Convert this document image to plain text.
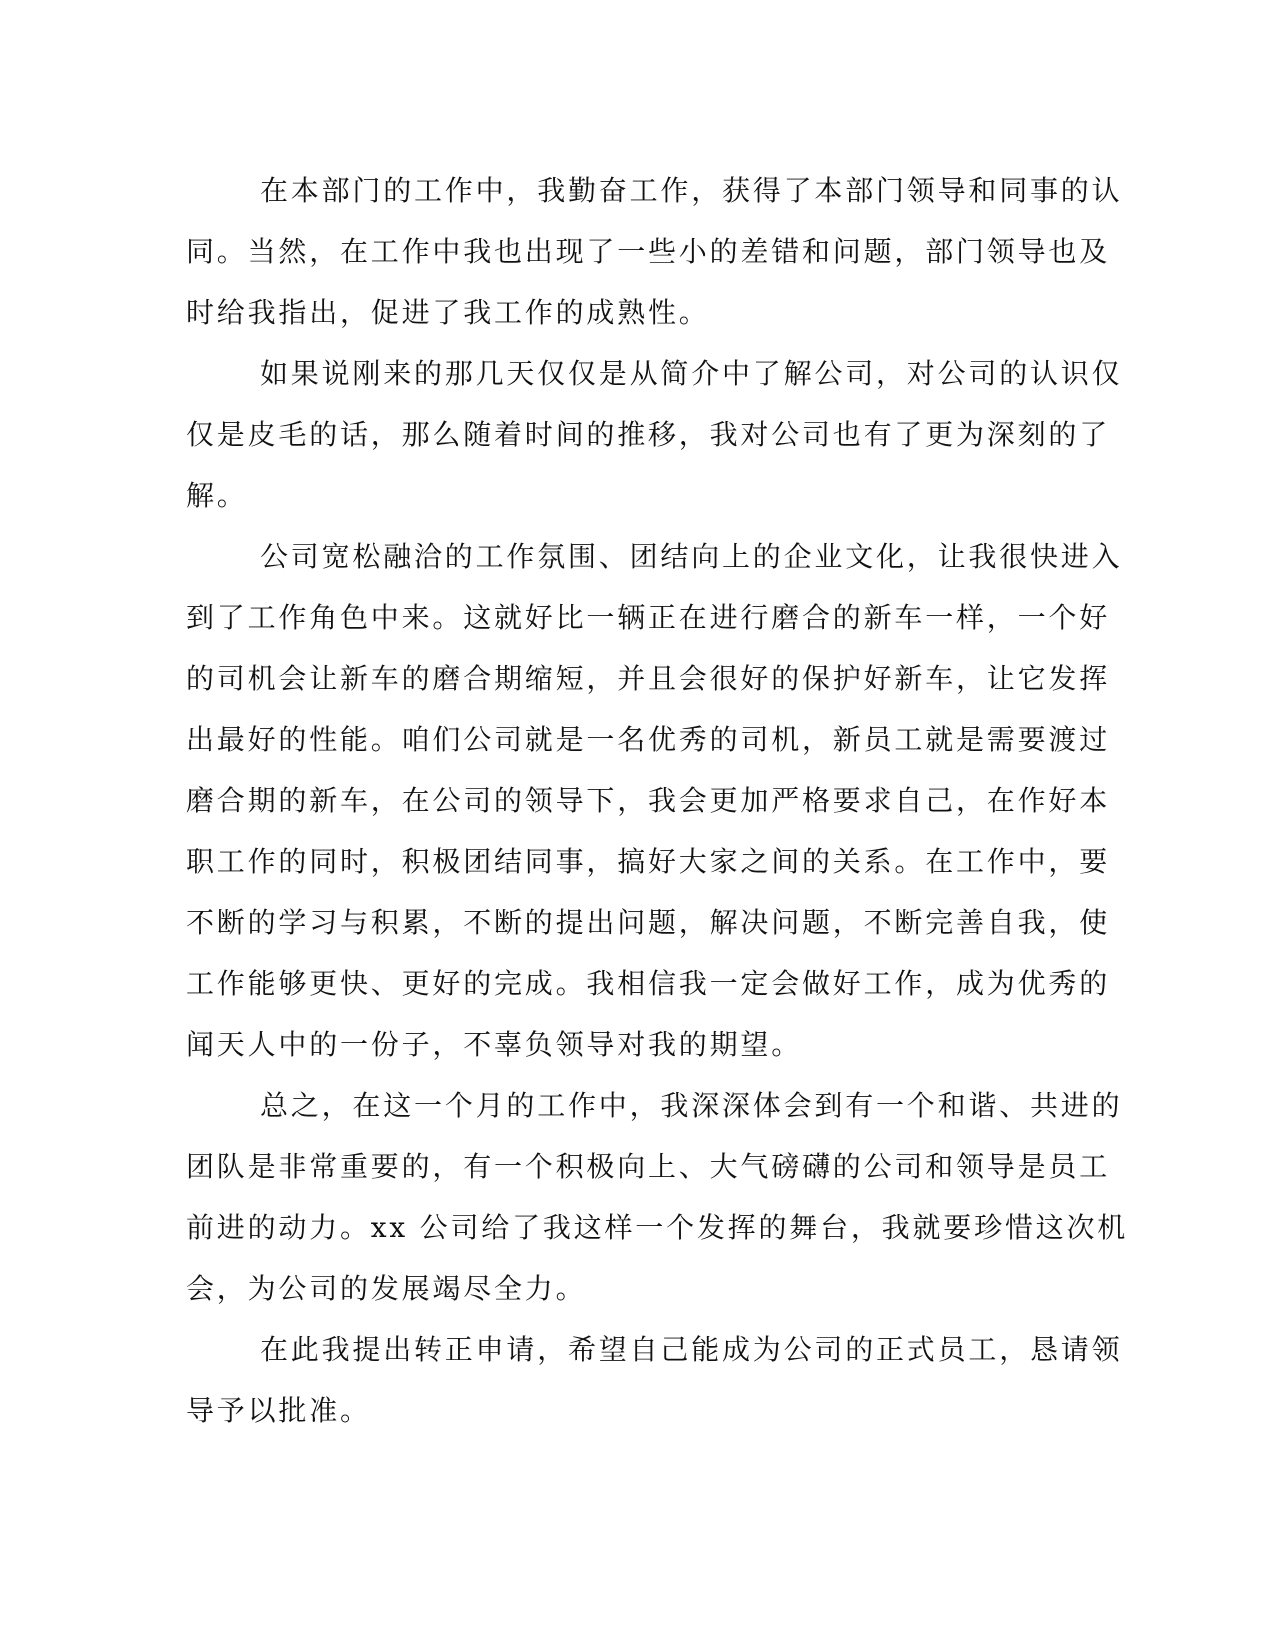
在本部门的工作中，我勤奋工作，获得了本部门领导和同事的认
同。当然，在工作中我也出现了一些小的差错和问题，部门领导也及
时给我指出，促进了我工作的成熟性。
如果说刚来的那几天仅仅是从简介中了解公司，对公司的认识仅
仅是皮毛的话，那么随着时间的推移，我对公司也有了更为深刻的了
解。
公司宽松融洽的工作氛围、团结向上的企业文化，让我很快进入
到了工作角色中来。这就好比一辆正在进行磨合的新车一样，一个好
的司机会让新车的磨合期缩短，并且会很好的保护好新车，让它发挥
出最好的性能。咱们公司就是一名优秀的司机，新员工就是需要渡过
磨合期的新车，在公司的领导下，我会更加严格要求自己，在作好本
职工作的同时，积极团结同事，搞好大家之间的关系。在工作中，要
不断的学习与积累，不断的提出问题，解决问题，不断完善自我，使
工作能够更快、更好的完成。我相信我一定会做好工作，成为优秀的
闻天人中的一份子，不辜负领导对我的期望。
总之，在这一个月的工作中，我深深体会到有一个和谐、共进的
团队是非常重要的，有一个积极向上、大气磅礴的公司和领导是员工
前进的动力。xx 公司给了我这样一个发挥的舞台，我就要珍惜这次机
会，为公司的发展竭尽全力。
在此我提出转正申请，希望自己能成为公司的正式员工，恳请领
导予以批准。
